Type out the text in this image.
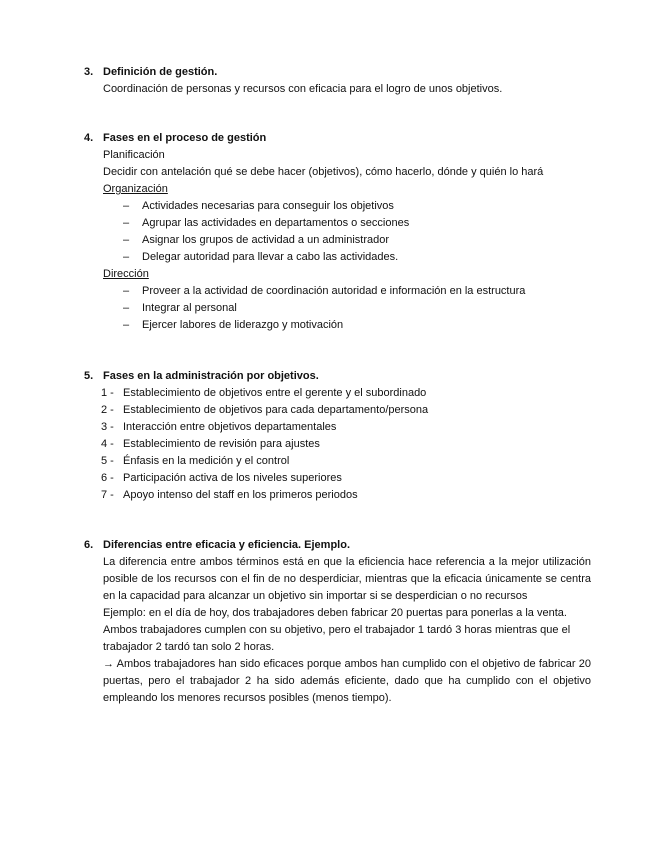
3. Definición de gestión.

Coordinación de personas y recursos con eficacia para el logro de unos objetivos.

4. Fases en el proceso de gestión
Planificación
Decidir con antelación qué se debe hacer (objetivos), cómo hacerlo, dónde y quién lo hará
Organización
–	Actividades necesarias para conseguir los objetivos
–	Agrupar las actividades en departamentos o secciones
–	Asignar los grupos de actividad a un administrador
–	Delegar autoridad para llevar a cabo las actividades.
Dirección
–	Proveer a la actividad de coordinación autoridad e información en la estructura
–	Integrar al personal
–	Ejercer labores de liderazgo y motivación
5. Fases en la administración por objetivos.
1 - Establecimiento de objetivos entre el gerente y el subordinado
2 - Establecimiento de objetivos para cada departamento/persona
3 - Interacción entre objetivos departamentales
4 - Establecimiento de revisión para ajustes
5 - Énfasis en la medición y el control
6 - Participación activa de los niveles superiores
7 - Apoyo intenso del staff en los primeros periodos
6. Diferencias entre eficacia y eficiencia. Ejemplo.

La diferencia entre ambos términos está en que la eficiencia hace referencia a la mejor utilización posible de los recursos con el fin de no desperdiciar, mientras que la eficacia únicamente se centra en la capacidad para alcanzar un objetivo sin importar si se desperdician o no recursos

Ejemplo: en el día de hoy, dos trabajadores deben fabricar 20 puertas para ponerlas a la venta. Ambos trabajadores cumplen con su objetivo, pero el trabajador 1 tardó 3 horas mientras que el trabajador 2 tardó tan solo 2 horas.

→ Ambos trabajadores han sido eficaces porque ambos han cumplido con el objetivo de fabricar 20 puertas, pero el trabajador 2 ha sido además eficiente, dado que ha cumplido con el objetivo empleando los menores recursos posibles (menos tiempo).
